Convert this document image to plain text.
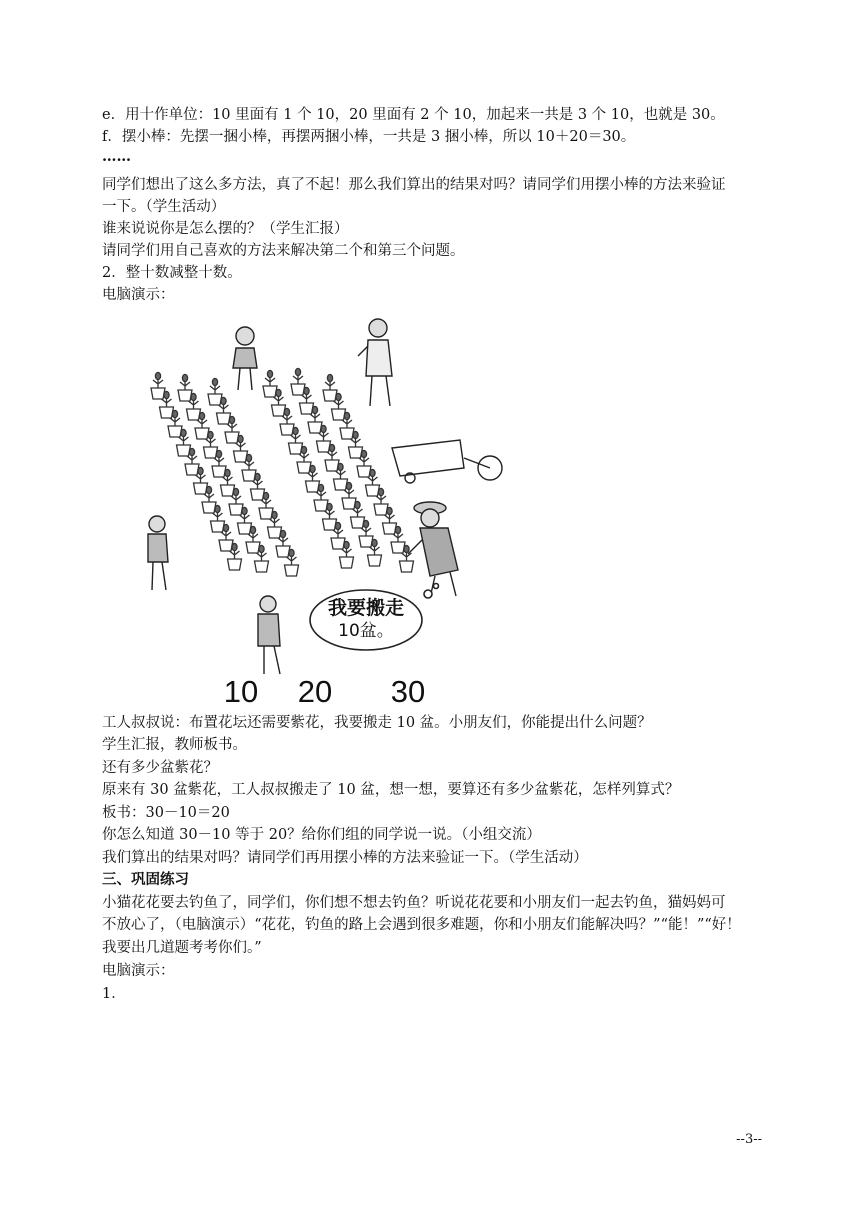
e．用十作单位：10 里面有 1 个 10，20 里面有 2 个 10，加起来一共是 3 个 10，也就是 30。
f．摆小棒：先摆一捆小棒，再摆两捆小棒，一共是 3 捆小棒，所以 10＋20＝30。
……
同学们想出了这么多方法，真了不起！那么我们算出的结果对吗？请同学们用摆小棒的方法来验证
一下。（学生活动）
谁来说说你是怎么摆的？（学生汇报）
请同学们用自己喜欢的方法来解决第二个和第三个问题。
2．整十数减整十数。
电脑演示：
我要搬走
10盆。
10 20 30
工人叔叔说：布置花坛还需要紫花，我要搬走 10 盆。小朋友们，你能提出什么问题？
学生汇报，教师板书。
还有多少盆紫花？
原来有 30 盆紫花，工人叔叔搬走了 10 盆，想一想，要算还有多少盆紫花，怎样列算式？
板书：30－10＝20
你怎么知道 30－10 等于 20？给你们组的同学说一说。（小组交流）
我们算出的结果对吗？请同学们再用摆小棒的方法来验证一下。（学生活动）
三、巩固练习
小猫花花要去钓鱼了，同学们，你们想不想去钓鱼？听说花花要和小朋友们一起去钓鱼，猫妈妈可
不放心了，（电脑演示）“花花，钓鱼的路上会遇到很多难题，你和小朋友们能解决吗？”“能！”“好！
我要出几道题考考你们。”
电脑演示：
1．
--3--
